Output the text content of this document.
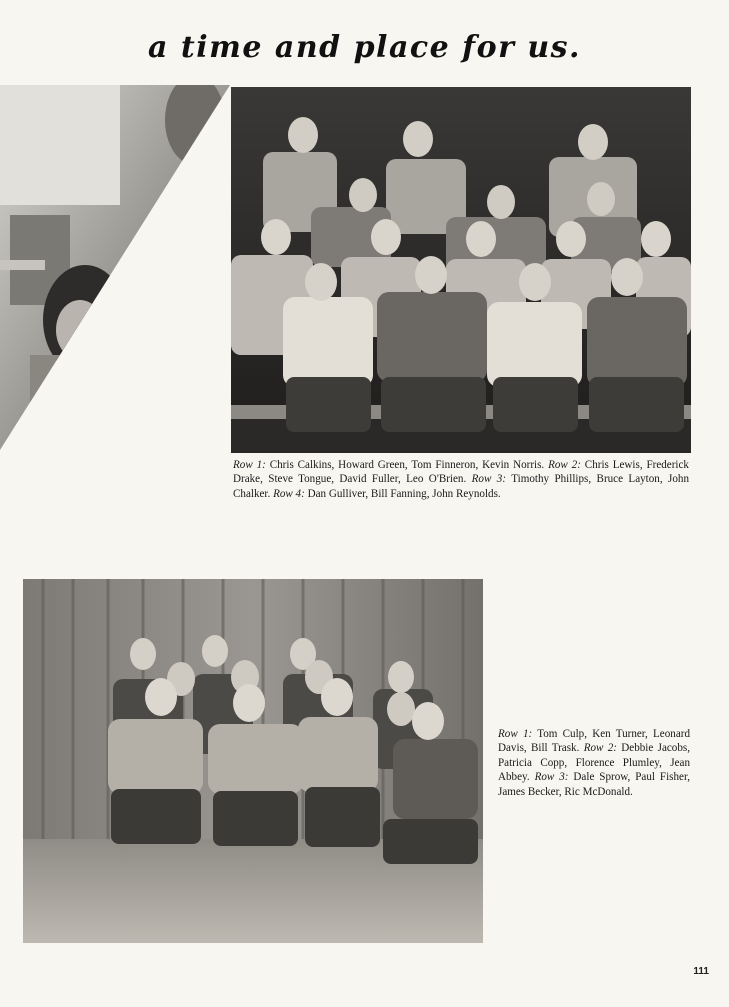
a time and place for us.
Row 1: Chris Calkins, Howard Green, Tom Finneron, Kevin Norris. Row 2: Chris Lewis, Frederick Drake, Steve Tongue, David Fuller, Leo O'Brien. Row 3: Timothy Phillips, Bruce Layton, John Chalker. Row 4: Dan Gulliver, Bill Fanning, John Reynolds.
Row 1: Tom Culp, Ken Turner, Leonard Davis, Bill Trask. Row 2: Debbie Jacobs, Patricia Copp, Florence Plumley, Jean Abbey. Row 3: Dale Sprow, Paul Fisher, James Becker, Ric McDonald.
111
